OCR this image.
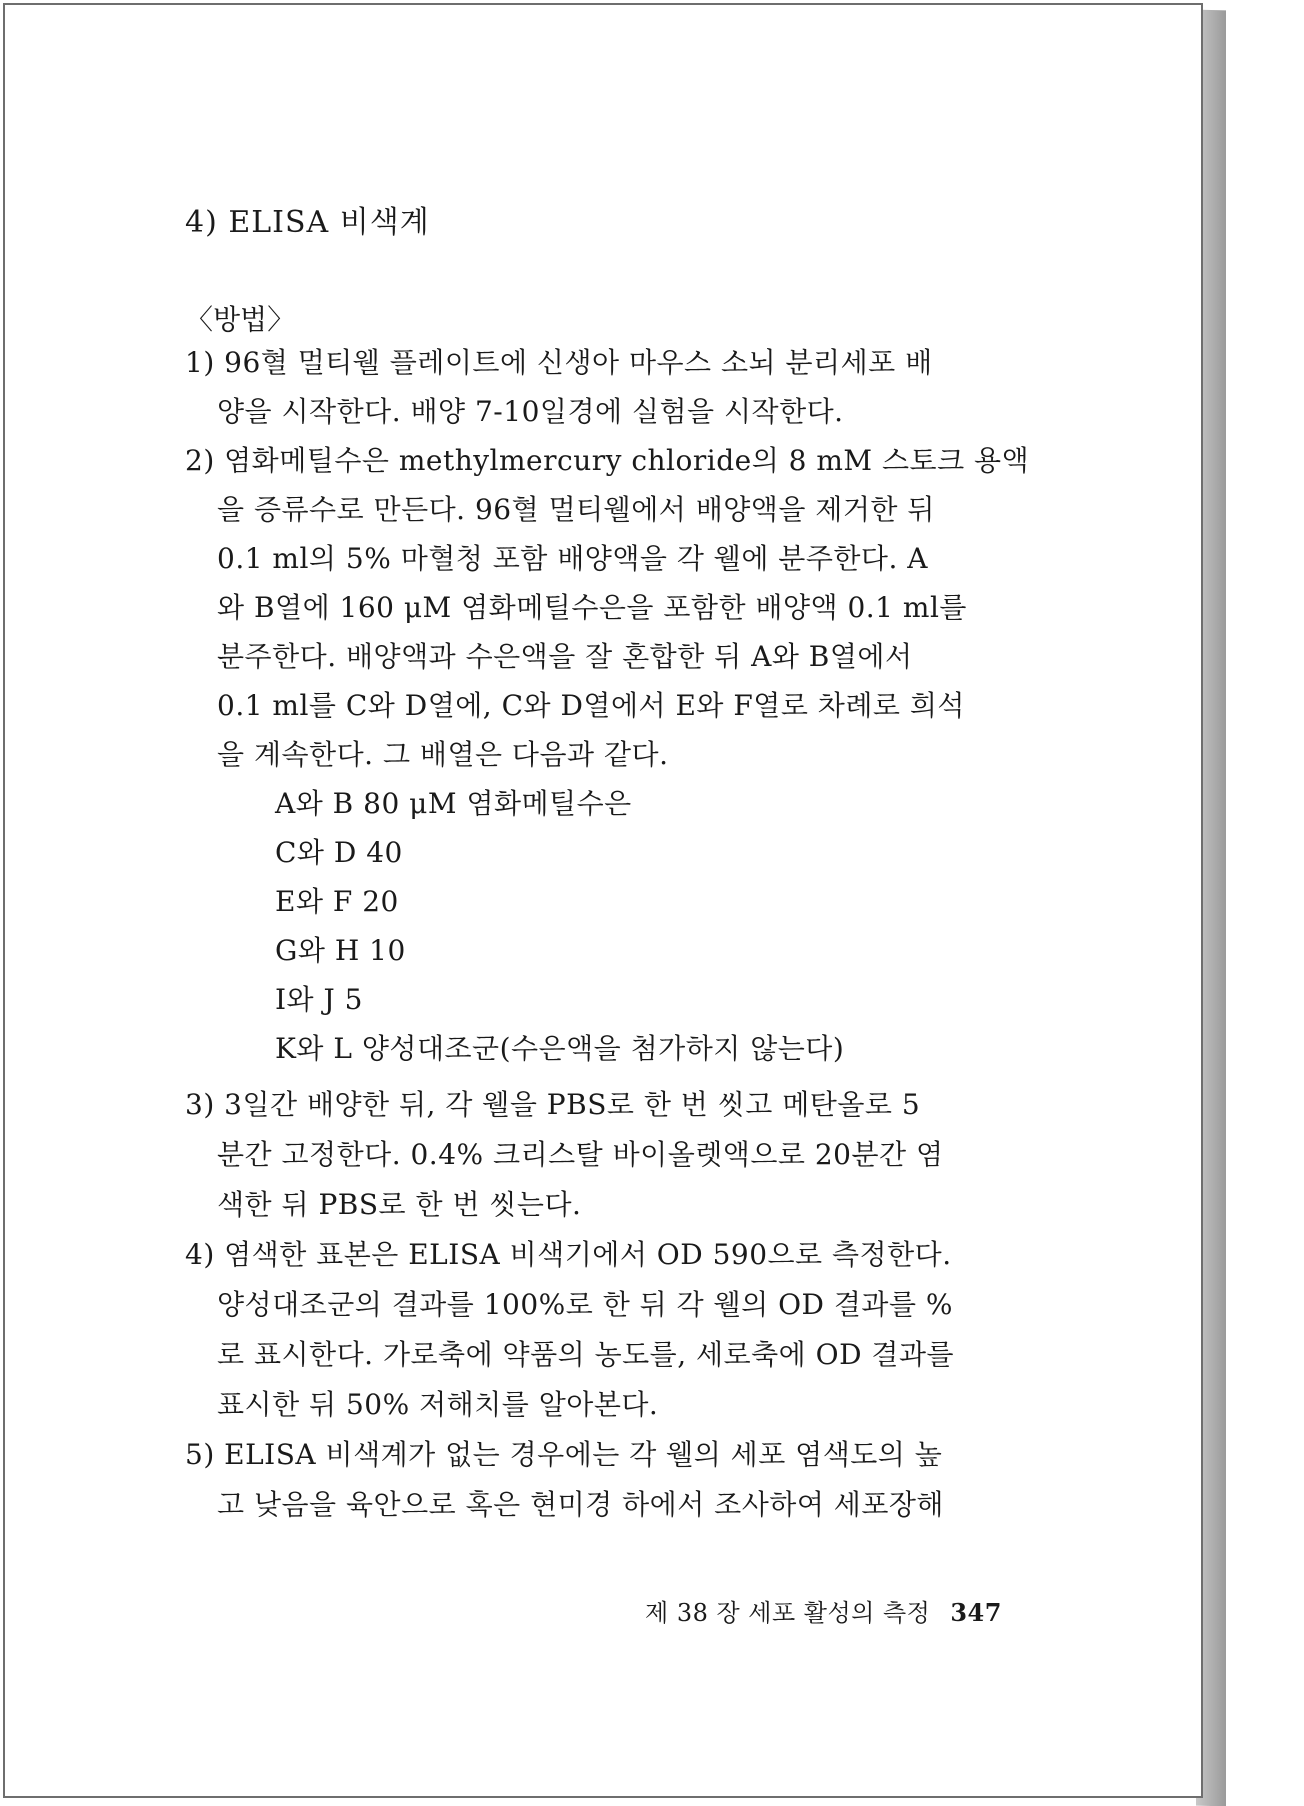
4) ELISA 비색계
〈방법〉
1) 96혈 멀티웰 플레이트에 신생아 마우스 소뇌 분리세포 배
양을 시작한다. 배양 7-10일경에 실험을 시작한다.
2) 염화메틸수은 methylmercury chloride의 8 mM 스토크 용액
을 증류수로 만든다. 96혈 멀티웰에서 배양액을 제거한 뒤
0.1 ml의 5% 마혈청 포함 배양액을 각 웰에 분주한다. A
와 B열에 160 μM 염화메틸수은을 포함한 배양액 0.1 ml를
분주한다. 배양액과 수은액을 잘 혼합한 뒤 A와 B열에서
0.1 ml를 C와 D열에, C와 D열에서 E와 F열로 차례로 희석
을 계속한다. 그 배열은 다음과 같다.
A와 B 80 μM 염화메틸수은
C와 D 40
E와 F 20
G와 H 10
I와 J 5
K와 L 양성대조군(수은액을 첨가하지 않는다)
3) 3일간 배양한 뒤, 각 웰을 PBS로 한 번 씻고 메탄올로 5
분간 고정한다. 0.4% 크리스탈 바이올렛액으로 20분간 염
색한 뒤 PBS로 한 번 씻는다.
4) 염색한 표본은 ELISA 비색기에서 OD 590으로 측정한다.
양성대조군의 결과를 100%로 한 뒤 각 웰의 OD 결과를 %
로 표시한다. 가로축에 약품의 농도를, 세로축에 OD 결과를
표시한 뒤 50% 저해치를 알아본다.
5) ELISA 비색계가 없는 경우에는 각 웰의 세포 염색도의 높
고 낮음을 육안으로 혹은 현미경 하에서 조사하여 세포장해
제 38 장 세포 활성의 측정 347
